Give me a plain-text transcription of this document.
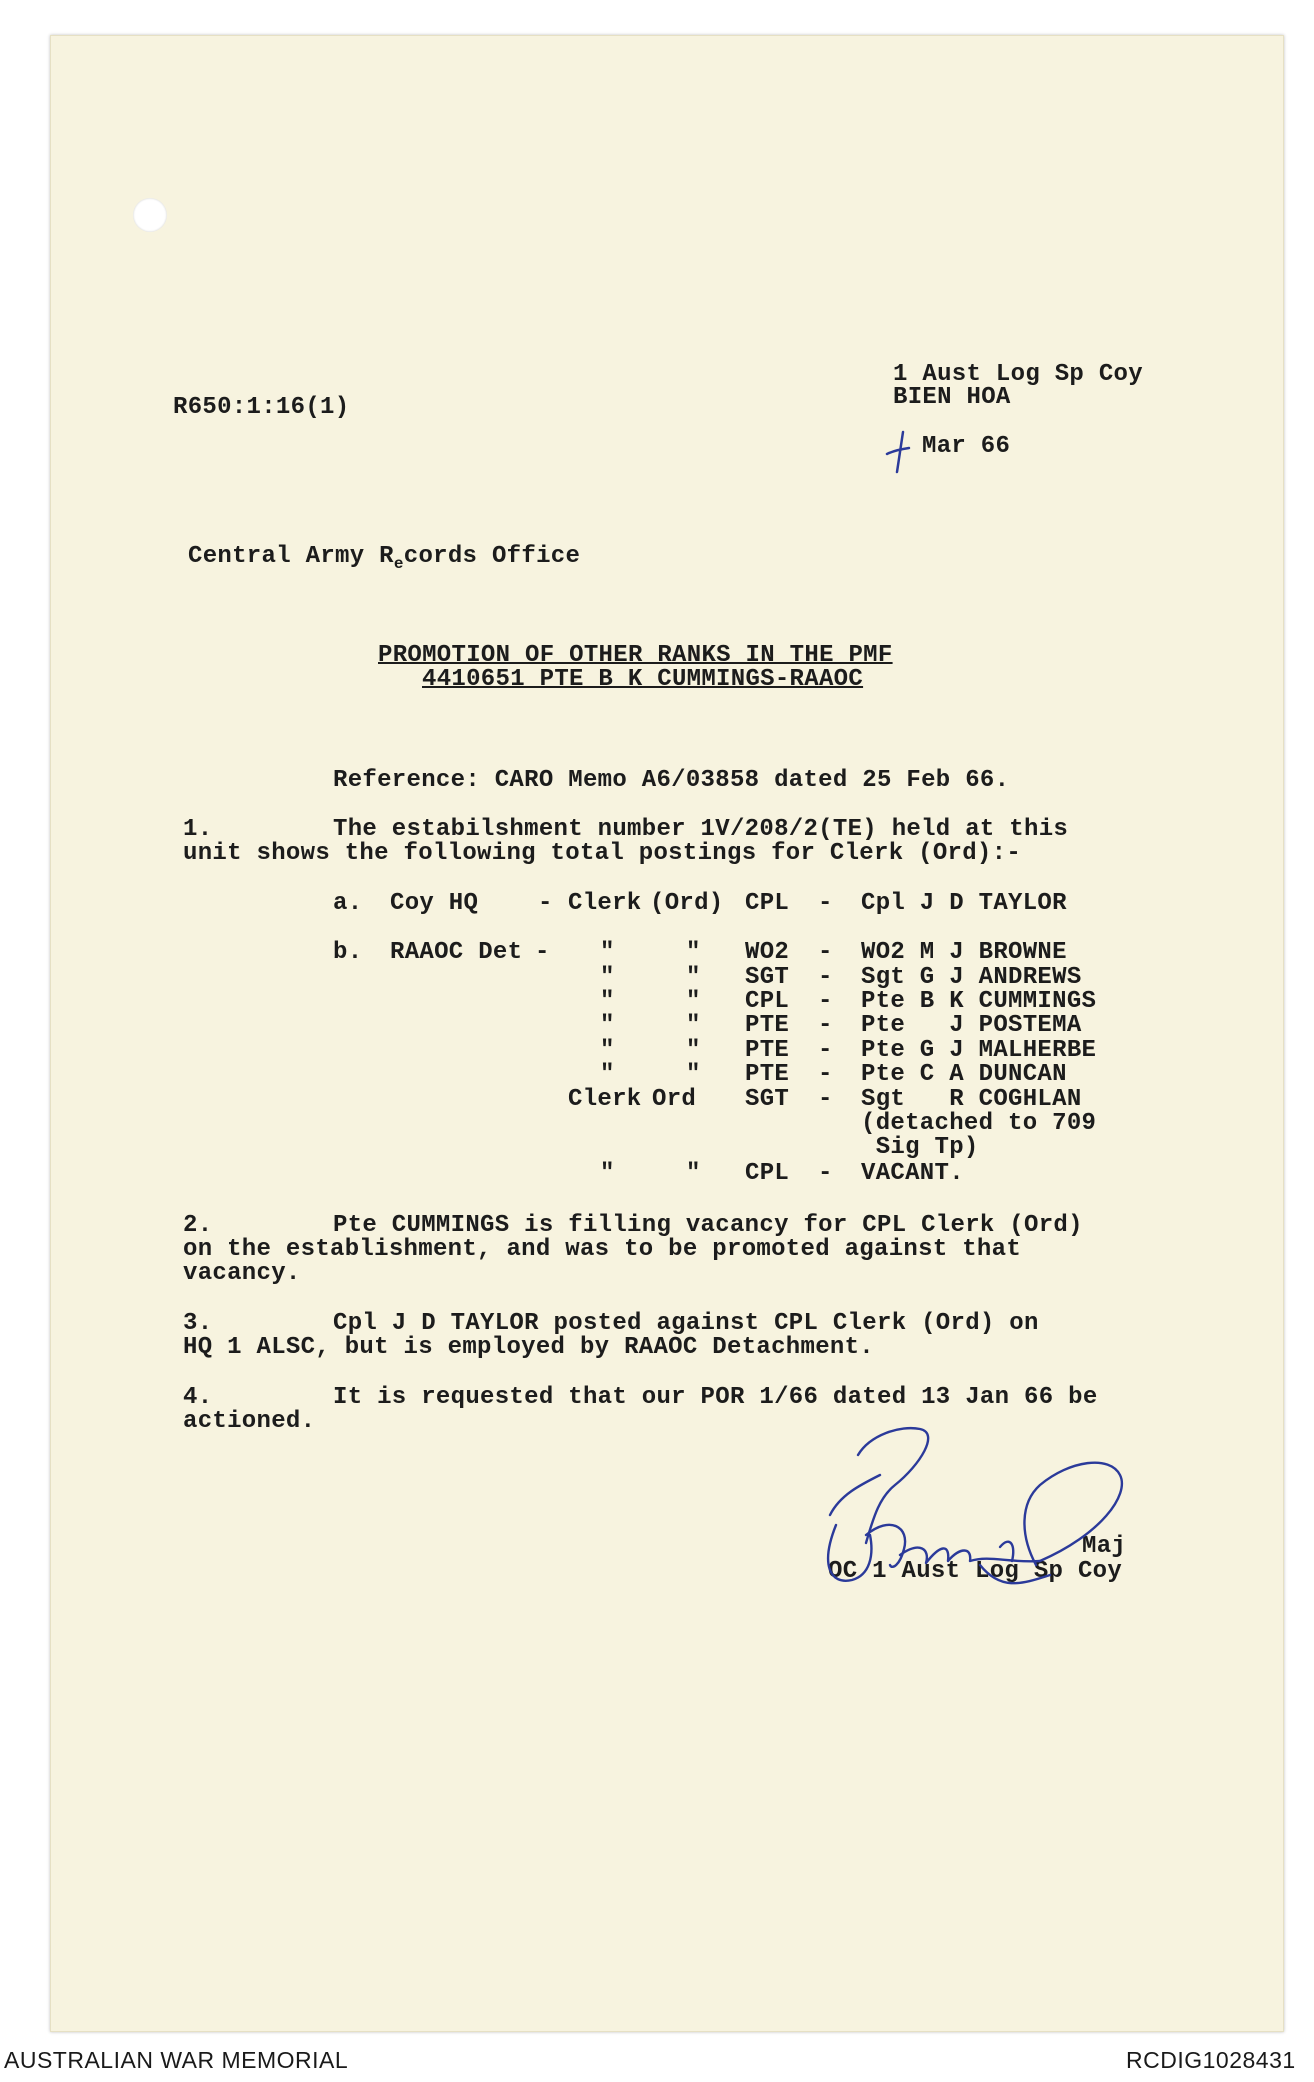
1 Aust Log Sp Coy
BIEN HOA
R650:1:16(1)
Mar 66
Central Army $R_ecords$ Office
PROMOTION OF OTHER RANKS IN THE PMF
4410651 PTE B K CUMMINGS-RAAOC
Reference: CARO Memo A6/03858 dated 25 Feb 66.
1.	The estabilshment number 1V/208/2(TE) held at this
unit shows the following total postings for Clerk (Ord):-
a. Coy HQ - Clerk (Ord) CPL - Cpl J D TAYLOR
b. RAAOC Det - "	" WO2 - WO2 M J BROWNE
"	" SGT - Sgt G J ANDREWS
"	" CPL - Pte B K CUMMINGS
"	" PTE - Pte   J POSTEMA
"	" PTE - Pte G J MALHERBE
"	" PTE - Pte C A DUNCAN
Clerk Ord SGT - Sgt   R COGHLAN
(detached to 709
Sig Tp)
"	" CPL - VACANT.
2.	Pte CUMMINGS is filling vacancy for CPL Clerk (Ord)
on the establishment, and was to be promoted against that
vacancy.
3.	Cpl J D TAYLOR posted against CPL Clerk (Ord) on
HQ 1 ALSC, but is employed by RAAOC Detachment.
4.	It is requested that our POR 1/66 dated 13 Jan 66 be
actioned.
Maj
OC 1 Aust Log Sp Coy
AUSTRALIAN WAR MEMORIAL	RCDIG1028431
